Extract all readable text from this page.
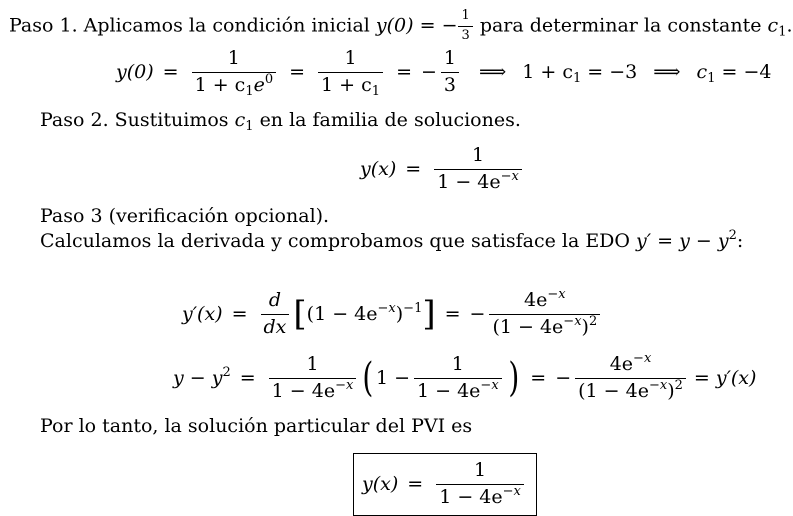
Paso 1. Aplicamos la condición inicial y(0) = − $\frac{1}{3}$ para determinar la constante $c_1$.
$y(0) = \frac{1}{1 + c_1e^0} = \frac{1}{1 + c_1}$ = − $\frac{1}{3}$ ⟹ $1 + c_1 = -3$ ⟹ $c_1 = -4$
Paso 2. Sustituimos $c_1$ en la familia de soluciones.
$y(x) = \frac{1}{1 - 4e^{-x}}$
Paso 3 (verificación opcional).
Calculamos la derivada y comprobamos que satisface la EDO $y' = y - y^2$:
$y'(x) = \frac{d}{dx}$ [ $(1 - 4e^{-x})^{-1}$ ] = − $\frac{4e^{-x}}{(1 - 4e^{-x})^2}$
$y - y^2 = \frac{1}{1 - 4e^{-x}}$ ( $1 - \frac{1}{1 - 4e^{-x}}$ ) = − $\frac{4e^{-x}}{(1 - 4e^{-x})^2} = y'(x)$
Por lo tanto, la solución particular del PVI es
$y(x) = \frac{1}{1 - 4e^{-x}}$
